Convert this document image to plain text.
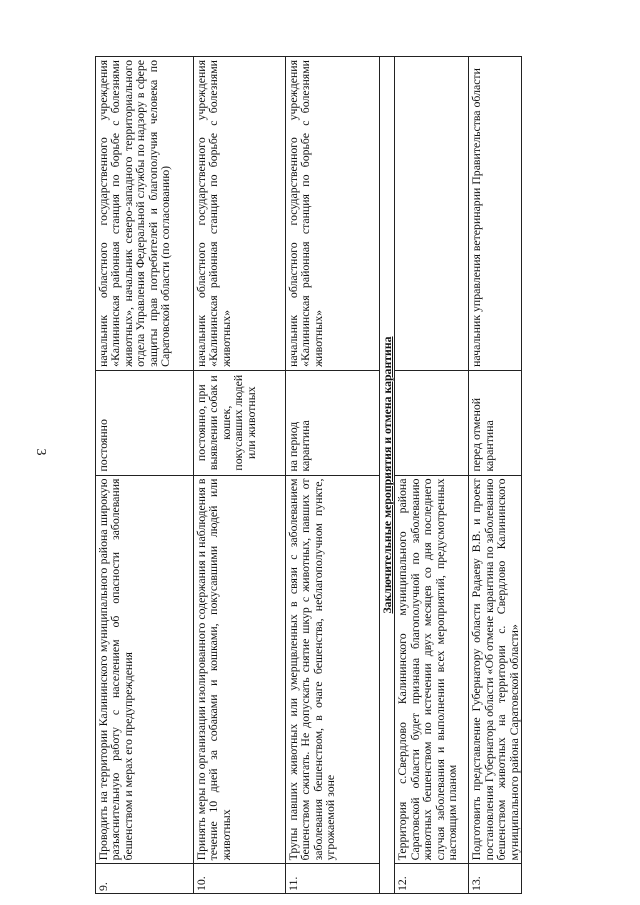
3
9.	Проводить на территории Калининского муниципального района широкую разъяснительную работу с населением об опасности заболевания бешенством и мерах его предупреждения	постоянно	начальник областного государственного учреждения «Калининская районная станция по борьбе с болезнями животных», начальник северо-западного территориального отдела Управления Федеральной службы по надзору в сфере защиты прав потребителей и благополучия человека по Саратовской области (по согласованию)
10.	Принять меры по организации изолированного содержания и наблюдения в течение 10 дней за собаками и кошками, покусавшими людей или животных	постоянно, при выявлении собак и кошек, покусавших людей или животных	начальник областного государственного учреждения «Калининская районная станция по борьбе с болезнями животных»
11.	Трупы павших животных или умерщвленных в связи с заболеванием бешенством сжигать. Не допускать снятие шкур с животных, павших от заболевания бешенством, в очаге бешенства, неблагополучном пункте, угрожаемой зоне	на период карантина	начальник областного государственного учреждения «Калининская районная станция по борьбе с болезнями животных»
Заключительные мероприятия и отмена карантина			
12.	Территория с.Свердлово Калининского муниципального района Саратовской области будет признана благополучной по заболеванию животных бешенством по истечении двух месяцев со дня последнего случая заболевания и выполнении всех мероприятий, предусмотренных настоящим планом		
13.	Подготовить представление Губернатору области Радаеву В.В. и проект постановления Губернатора области «Об отмене карантина по заболеванию бешенством животных на территории с. Свердлово Калининского муниципального района Саратовской области»	перед отменой карантина	начальник управления ветеринарии Правительства области
